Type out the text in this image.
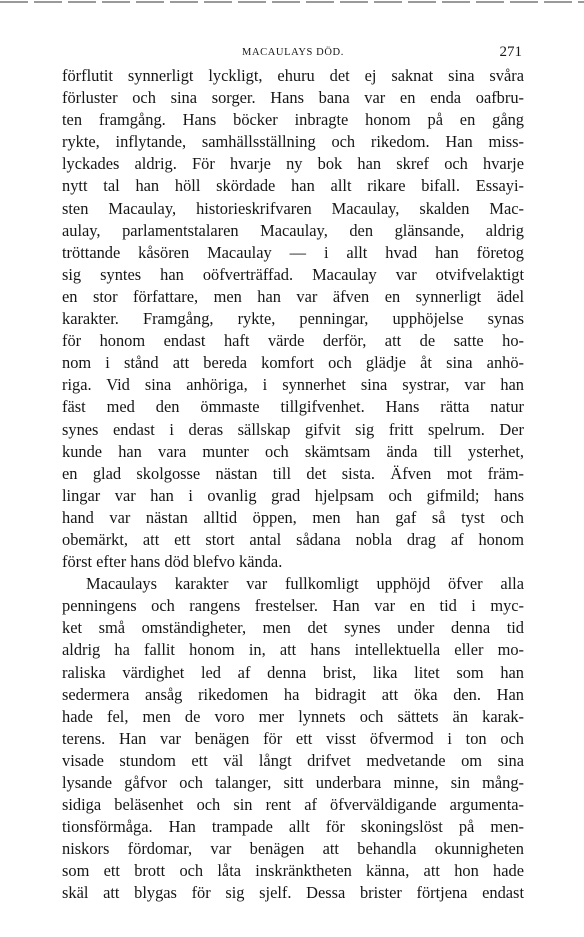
MACAULAYS DÖD.	271
förflutit synnerligt lyckligt, ehuru det ej saknat sina svåra
förluster och sina sorger. Hans bana var en enda oafbru-
ten framgång. Hans böcker inbragte honom på en gång
rykte, inflytande, samhällsställning och rikedom. Han miss-
lyckades aldrig. För hvarje ny bok han skref och hvarje
nytt tal han höll skördade han allt rikare bifall. Essayi-
sten Macaulay, historieskrifvaren Macaulay, skalden Mac-
aulay, parlamentstalaren Macaulay, den glänsande, aldrig
tröttande kåsören Macaulay — i allt hvad han företog
sig syntes han oöfverträffad. Macaulay var otvifvelaktigt
en stor författare, men han var äfven en synnerligt ädel
karakter. Framgång, rykte, penningar, upphöjelse synas
för honom endast haft värde derför, att de satte ho-
nom i stånd att bereda komfort och glädje åt sina anhö-
riga. Vid sina anhöriga, i synnerhet sina systrar, var han
fäst med den ömmaste tillgifvenhet. Hans rätta natur
synes endast i deras sällskap gifvit sig fritt spelrum. Der
kunde han vara munter och skämtsam ända till ysterhet,
en glad skolgosse nästan till det sista. Äfven mot främ-
lingar var han i ovanlig grad hjelpsam och gifmild; hans
hand var nästan alltid öppen, men han gaf så tyst och
obemärkt, att ett stort antal sådana nobla drag af honom
först efter hans död blefvo kända.
Macaulays karakter var fullkomligt upphöjd öfver alla
penningens och rangens frestelser. Han var en tid i myc-
ket små omständigheter, men det synes under denna tid
aldrig ha fallit honom in, att hans intellektuella eller mo-
raliska värdighet led af denna brist, lika litet som han
sedermera ansåg rikedomen ha bidragit att öka den. Han
hade fel, men de voro mer lynnets och sättets än karak-
terens. Han var benägen för ett visst öfvermod i ton och
visade stundom ett väl långt drifvet medvetande om sina
lysande gåfvor och talanger, sitt underbara minne, sin mång-
sidiga beläsenhet och sin rent af öfverväldigande argumenta-
tionsförmåga. Han trampade allt för skoningslöst på men-
niskors fördomar, var benägen att behandla okunnigheten
som ett brott och låta inskränktheten känna, att hon hade
skäl att blygas för sig sjelf. Dessa brister förtjena endast
